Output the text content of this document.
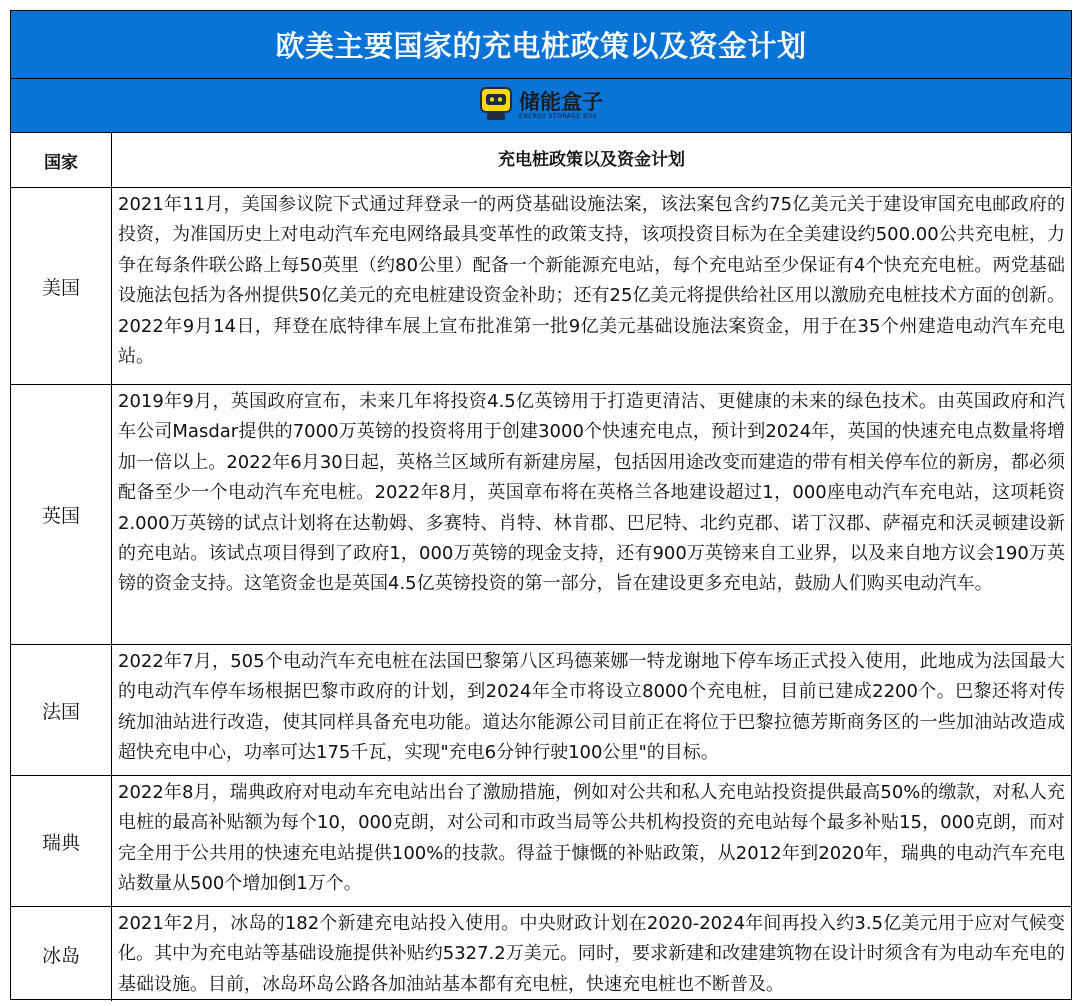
欧美主要国家的充电桩政策以及资金计划
储能盒子
ENERGY STORAGE BOX
国家	充电桩政策以及资金计划
美国
2021年11月，美国参议院下式通过拜登录一的两贷基础设施法案，该法案包含约75亿美元关于建设审国充电邮政府的投资，为准国历史上对电动汽车充电网络最具变革性的政策支持，该项投资目标为在全美建设约500.00公共充电桩，力争在每条件联公路上每50英里（约80公里）配备一个新能源充电站，每个充电站至少保证有4个快充充电桩。两党基础设施法包括为各州提供50亿美元的充电桩建设资金补助；还有25亿美元将提供给社区用以激励充电桩技术方面的创新。2022年9月14日，拜登在底特律车展上宣布批准第一批9亿美元基础设施法案资金，用于在35个州建造电动汽车充电站。
英国
2019年9月，英国政府宣布，未来几年将投资4.5亿英镑用于打造更清洁、更健康的未来的绿色技术。由英国政府和汽车公司Masdar提供的7000万英镑的投资将用于创建3000个快速充电点，预计到2024年，英国的快速充电点数量将增加一倍以上。2022年6月30日起，英格兰区域所有新建房屋，包括因用途改变而建造的带有相关停车位的新房，都必须配备至少一个电动汽车充电桩。2022年8月，英国章布将在英格兰各地建设超过1，000座电动汽车充电站，这项耗资2.000万英镑的试点计划将在达勒姆、多赛特、肖特、林肯郡、巴尼特、北约克郡、诺丁汉郡、萨福克和沃灵顿建设新的充电站。该试点项目得到了政府1，000万英镑的现金支持，还有900万英镑来自工业界，以及来自地方议会190万英镑的资金支持。这笔资金也是英国4.5亿英镑投资的第一部分，旨在建设更多充电站，鼓励人们购买电动汽车。
法国
2022年7月，505个电动汽车充电桩在法国巴黎第八区玛德莱娜一特龙谢地下停车场正式投入使用，此地成为法国最大的电动汽车停车场根据巴黎市政府的计划，到2024年全市将设立8000个充电桩，目前已建成2200个。巴黎还将对传统加油站进行改造，使其同样具备充电功能。道达尔能源公司目前正在将位于巴黎拉德芳斯商务区的一些加油站改造成超快充电中心，功率可达175千瓦，实现"充电6分钟行驶100公里"的目标。
瑞典
2022年8月，瑞典政府对电动车充电站出台了激励措施，例如对公共和私人充电站投资提供最高50%的缴款，对私人充电桩的最高补贴额为每个10，000克朗，对公司和市政当局等公共机构投资的充电站每个最多补贴15，000克朗，而对完全用于公共用的快速充电站提供100%的技款。得益于慷慨的补贴政策，从2012年到2020年，瑞典的电动汽车充电站数量从500个增加倒1万个。
冰岛
2021年2月，冰岛的182个新建充电站投入使用。中央财政计划在2020-2024年间再投入约3.5亿美元用于应对气候变化。其中为充电站等基础设施提供补贴约5327.2万美元。同时，要求新建和改建建筑物在设计时须含有为电动车充电的基础设施。目前，冰岛环岛公路各加油站基本都有充电桩，快速充电桩也不断普及。
